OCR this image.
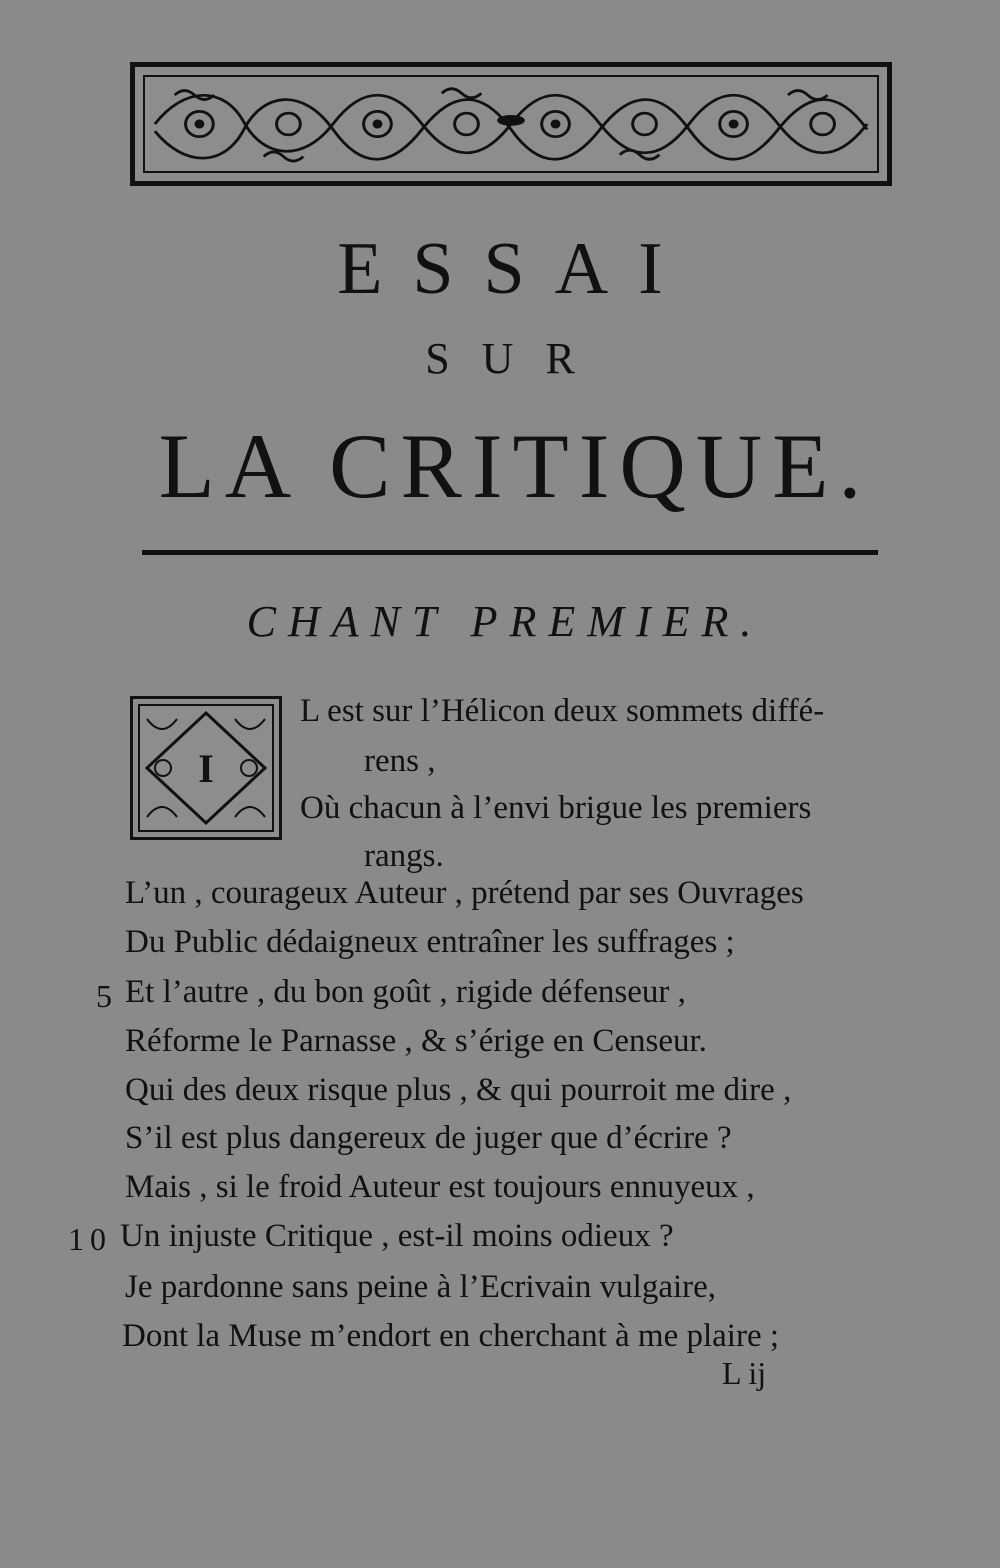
ESSAI
SUR
LA CRITIQUE.
CHANT PREMIER.
I
L est sur l’Hélicon deux sommets diffé-
rens ,
Où chacun à l’envi brigue les premiers
rangs.
L’un , courageux Auteur , prétend par ses Ouvrages
Du Public dédaigneux entraîner les suffrages ;
5 Et l’autre , du bon goût , rigide défenseur ,
Réforme le Parnasse , & s’érige en Censeur.
Qui des deux risque plus , & qui pourroit me dire ,
S’il est plus dangereux de juger que d’écrire ?
Mais , si le froid Auteur est toujours ennuyeux ,
10 Un injuste Critique , est-il moins odieux ?
Je pardonne sans peine à l’Ecrivain vulgaire,
Dont la Muse m’endort en cherchant à me plaire ;
L ij
